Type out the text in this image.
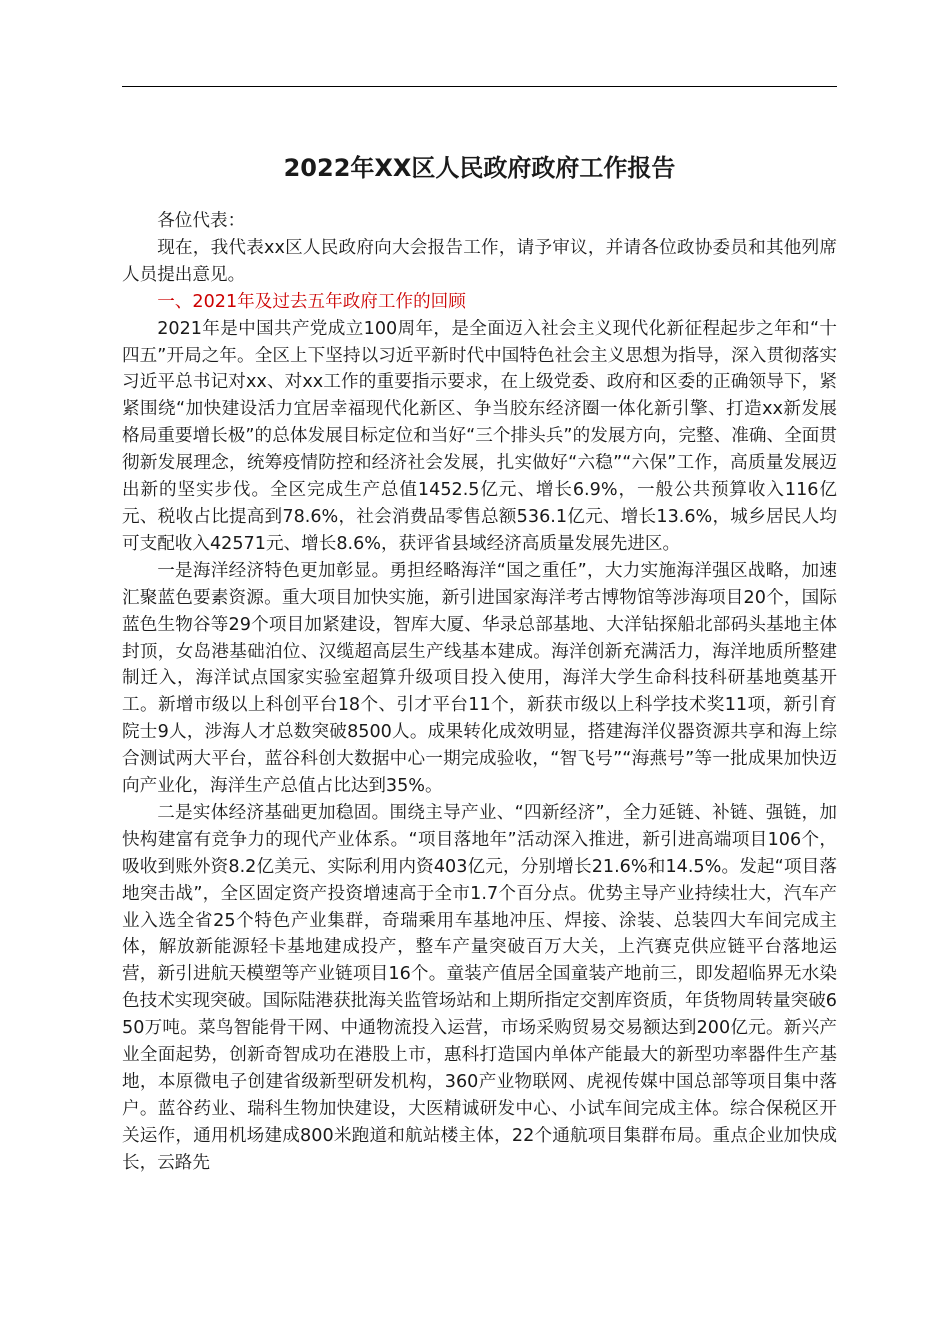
2022年XX区人民政府政府工作报告

各位代表：

现在，我代表xx区人民政府向大会报告工作，请予审议，并请各位政协委员和其他列席人员提出意见。

一、2021年及过去五年政府工作的回顾

2021年是中国共产党成立100周年，是全面迈入社会主义现代化新征程起步之年和“十四五”开局之年。全区上下坚持以习近平新时代中国特色社会主义思想为指导，深入贯彻落实习近平总书记对xx、对xx工作的重要指示要求，在上级党委、政府和区委的正确领导下，紧紧围绕“加快建设活力宜居幸福现代化新区、争当胶东经济圈一体化新引擎、打造xx新发展格局重要增长极”的总体发展目标定位和当好“三个排头兵”的发展方向，完整、准确、全面贯彻新发展理念，统筹疫情防控和经济社会发展，扎实做好“六稳”“六保”工作，高质量发展迈出新的坚实步伐。全区完成生产总值1452.5亿元、增长6.9%，一般公共预算收入116亿元、税收占比提高到78.6%，社会消费品零售总额536.1亿元、增长13.6%，城乡居民人均可支配收入42571元、增长8.6%，获评省县域经济高质量发展先进区。

一是海洋经济特色更加彰显。勇担经略海洋“国之重任”，大力实施海洋强区战略，加速汇聚蓝色要素资源。重大项目加快实施，新引进国家海洋考古博物馆等涉海项目20个，国际蓝色生物谷等29个项目加紧建设，智库大厦、华录总部基地、大洋钻探船北部码头基地主体封顶，女岛港基础泊位、汉缆超高层生产线基本建成。海洋创新充满活力，海洋地质所整建制迁入，海洋试点国家实验室超算升级项目投入使用，海洋大学生命科技科研基地奠基开工。新增市级以上科创平台18个、引才平台11个，新获市级以上科学技术奖11项，新引育院士9人，涉海人才总数突破8500人。成果转化成效明显，搭建海洋仪器资源共享和海上综合测试两大平台，蓝谷科创大数据中心一期完成验收，“智飞号”“海燕号”等一批成果加快迈向产业化，海洋生产总值占比达到35%。

二是实体经济基础更加稳固。围绕主导产业、“四新经济”，全力延链、补链、强链，加快构建富有竞争力的现代产业体系。“项目落地年”活动深入推进，新引进高端项目106个，吸收到账外资8.2亿美元、实际利用内资403亿元，分别增长21.6%和14.5%。发起“项目落地突击战”，全区固定资产投资增速高于全市1.7个百分点。优势主导产业持续壮大，汽车产业入选全省25个特色产业集群，奇瑞乘用车基地冲压、焊接、涂装、总装四大车间完成主体，解放新能源轻卡基地建成投产，整车产量突破百万大关，上汽赛克供应链平台落地运营，新引进航天模塑等产业链项目16个。童装产值居全国童装产地前三，即发超临界无水染色技术实现突破。国际陆港获批海关监管场站和上期所指定交割库资质，年货物周转量突破650万吨。菜鸟智能骨干网、中通物流投入运营，市场采购贸易交易额达到200亿元。新兴产业全面起势，创新奇智成功在港股上市，惠科打造国内单体产能最大的新型功率器件生产基地，本原微电子创建省级新型研发机构，360产业物联网、虎视传媒中国总部等项目集中落户。蓝谷药业、瑞科生物加快建设，大医精诚研发中心、小试车间完成主体。综合保税区开关运作，通用机场建成800米跑道和航站楼主体，22个通航项目集群布局。重点企业加快成长，云路先
